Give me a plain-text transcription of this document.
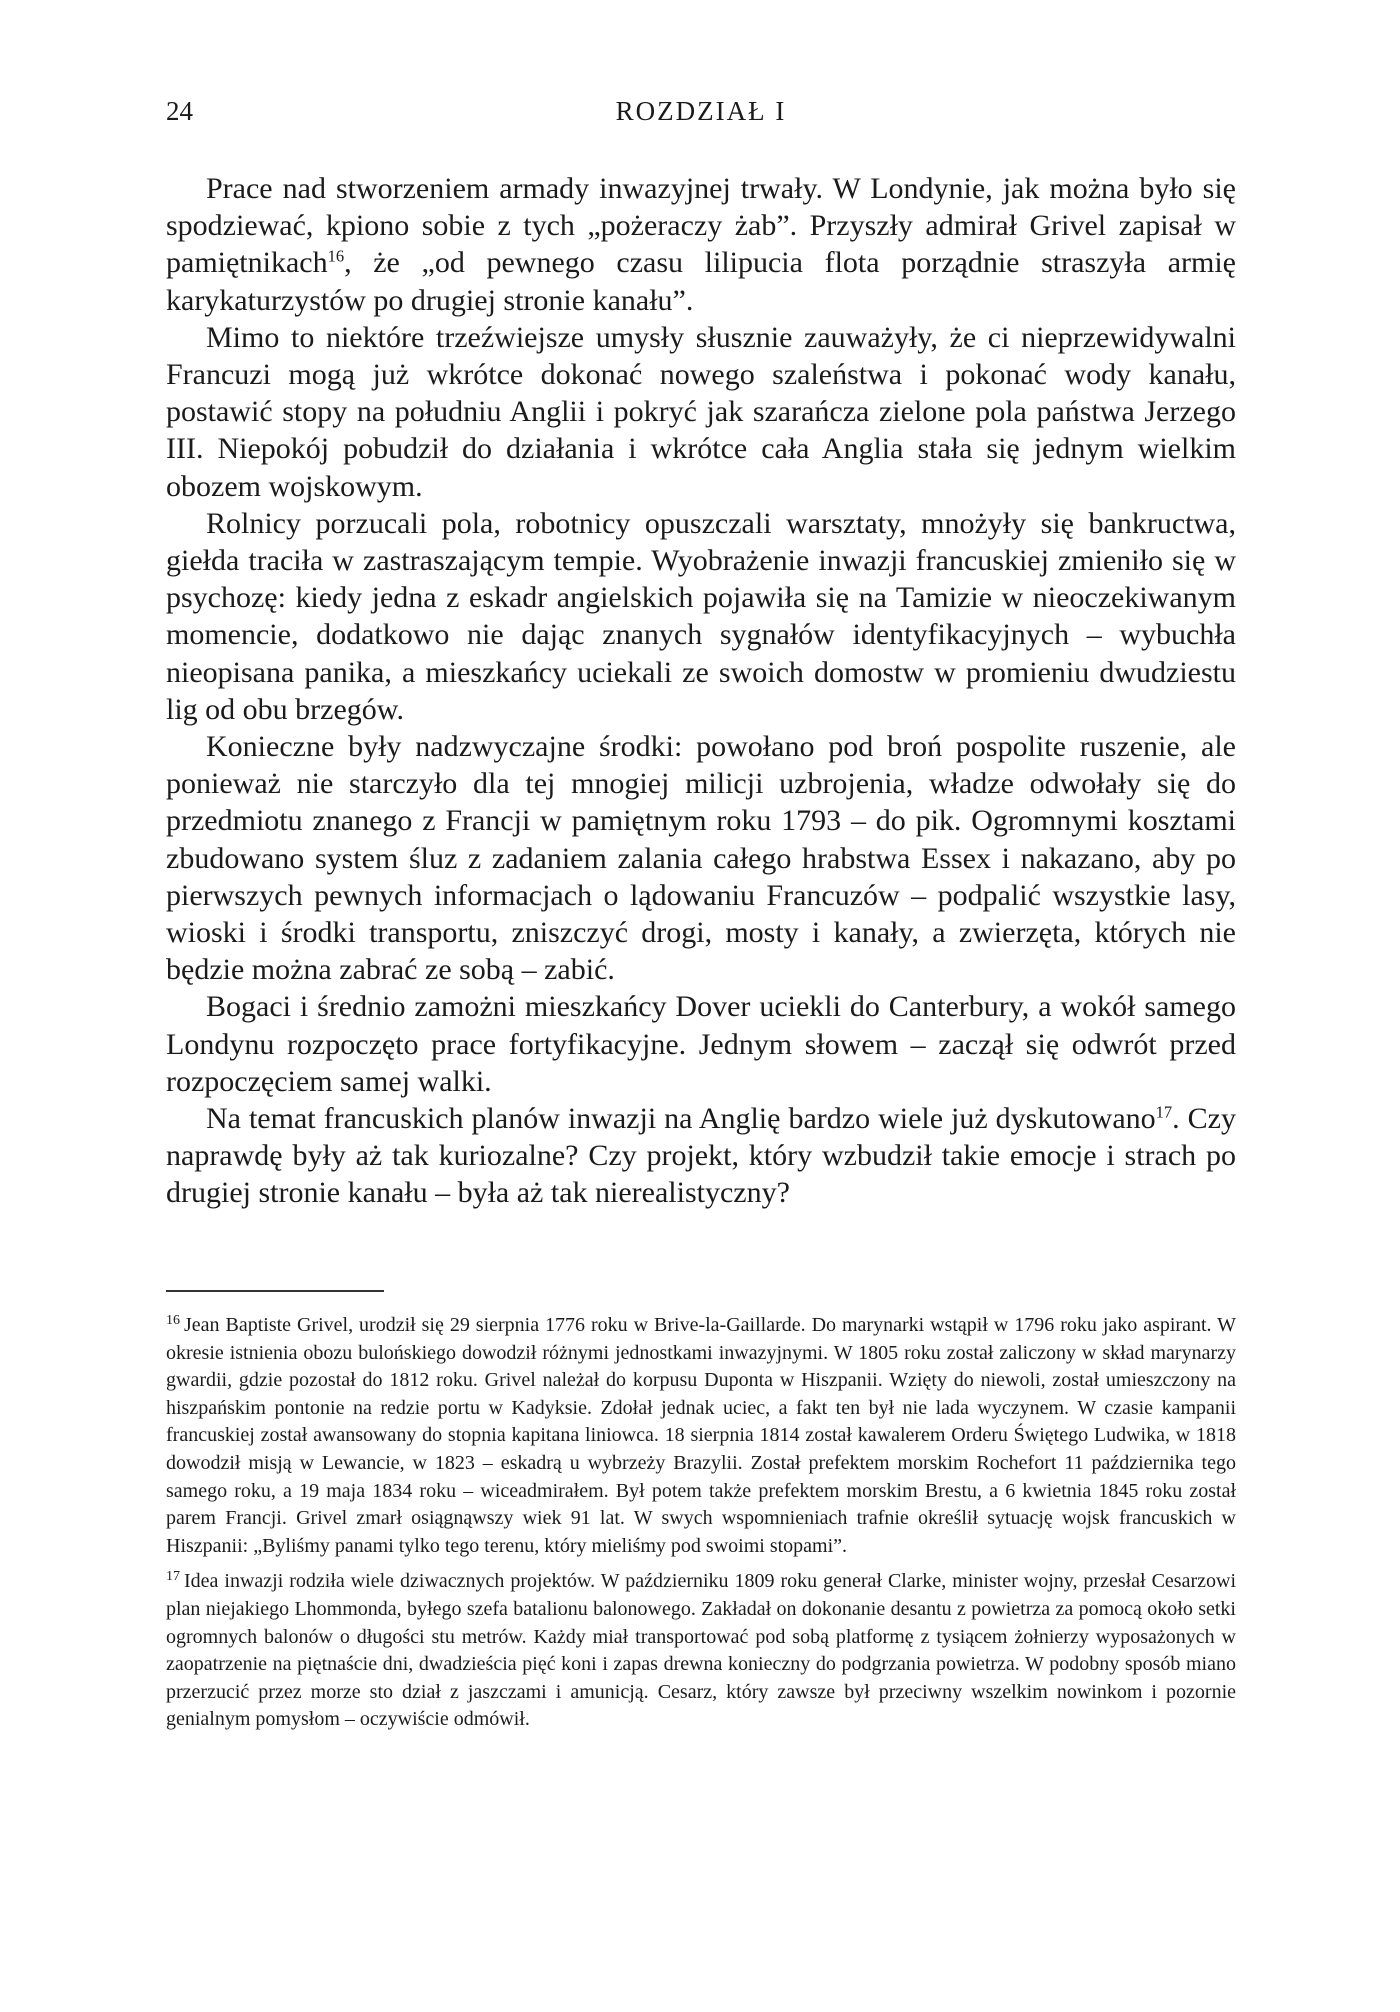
24	ROZDZIAŁ I

Prace nad stworzeniem armady inwazyjnej trwały. W Londynie, jak można było się spodziewać, kpiono sobie z tych „pożeraczy żab”. Przyszły admirał Grivel zapisał w pamiętnikach$^{16}$, że „od pewnego czasu lilipucia flota porządnie straszyła armię karykaturzystów po drugiej stronie kanału”.

Mimo to niektóre trzeźwiejsze umysły słusznie zauważyły, że ci nieprzewidywalni Francuzi mogą już wkrótce dokonać nowego szaleństwa i pokonać wody kanału, postawić stopy na południu Anglii i pokryć jak szarańcza zielone pola państwa Jerzego III. Niepokój pobudził do działania i wkrótce cała Anglia stała się jednym wielkim obozem wojskowym.

Rolnicy porzucali pola, robotnicy opuszczali warsztaty, mnożyły się bankructwa, giełda traciła w zastraszającym tempie. Wyobrażenie inwazji francuskiej zmieniło się w psychozę: kiedy jedna z eskadr angielskich pojawiła się na Tamizie w nieoczekiwanym momencie, dodatkowo nie dając znanych sygnałów identyfikacyjnych – wybuchła nieopisana panika, a mieszkańcy uciekali ze swoich domostw w promieniu dwudziestu lig od obu brzegów.

Konieczne były nadzwyczajne środki: powołano pod broń pospolite ruszenie, ale ponieważ nie starczyło dla tej mnogiej milicji uzbrojenia, władze odwołały się do przedmiotu znanego z Francji w pamiętnym roku 1793 – do pik. Ogromnymi kosztami zbudowano system śluz z zadaniem zalania całego hrabstwa Essex i nakazano, aby po pierwszych pewnych informacjach o lądowaniu Francuzów – podpalić wszystkie lasy, wioski i środki transportu, zniszczyć drogi, mosty i kanały, a zwierzęta, których nie będzie można zabrać ze sobą – zabić.

Bogaci i średnio zamożni mieszkańcy Dover uciekli do Canterbury, a wokół samego Londynu rozpoczęto prace fortyfikacyjne. Jednym słowem – zaczął się odwrót przed rozpoczęciem samej walki.

Na temat francuskich planów inwazji na Anglię bardzo wiele już dyskutowano$^{17}$. Czy naprawdę były aż tak kuriozalne? Czy projekt, który wzbudził takie emocje i strach po drugiej stronie kanału – była aż tak nierealistyczny?

$^{16}$ Jean Baptiste Grivel, urodził się 29 sierpnia 1776 roku w Brive-la-Gaillarde. Do marynarki wstąpił w 1796 roku jako aspirant. W okresie istnienia obozu bulońskiego dowodził różnymi jednostkami inwazyjnymi. W 1805 roku został zaliczony w skład marynarzy gwardii, gdzie pozostał do 1812 roku. Grivel należał do korpusu Duponta w Hiszpanii. Wzięty do niewoli, został umieszczony na hiszpańskim pontonie na redzie portu w Kadyksie. Zdołał jednak uciec, a fakt ten był nie lada wyczynem. W czasie kampanii francuskiej został awansowany do stopnia kapitana liniowca. 18 sierpnia 1814 został kawalerem Orderu Świętego Ludwika, w 1818 dowodził misją w Lewancie, w 1823 – eskadrą u wybrzeży Brazylii. Został prefektem morskim Rochefort 11 października tego samego roku, a 19 maja 1834 roku – wiceadmirałem. Był potem także prefektem morskim Brestu, a 6 kwietnia 1845 roku został parem Francji. Grivel zmarł osiągnąwszy wiek 91 lat. W swych wspomnieniach trafnie określił sytuację wojsk francuskich w Hiszpanii: „Byliśmy panami tylko tego terenu, który mieliśmy pod swoimi stopami”.

$^{17}$ Idea inwazji rodziła wiele dziwacznych projektów. W październiku 1809 roku generał Clarke, minister wojny, przesłał Cesarzowi plan niejakiego Lhommonda, byłego szefa batalionu balonowego. Zakładał on dokonanie desantu z powietrza za pomocą około setki ogromnych balonów o długości stu metrów. Każdy miał transportować pod sobą platformę z tysiącem żołnierzy wyposażonych w zaopatrzenie na piętnaście dni, dwadzieścia pięć koni i zapas drewna konieczny do podgrzania powietrza. W podobny sposób miano przerzucić przez morze sto dział z jaszczami i amunicją. Cesarz, który zawsze był przeciwny wszelkim nowinkom i pozornie genialnym pomysłom – oczywiście odmówił.
